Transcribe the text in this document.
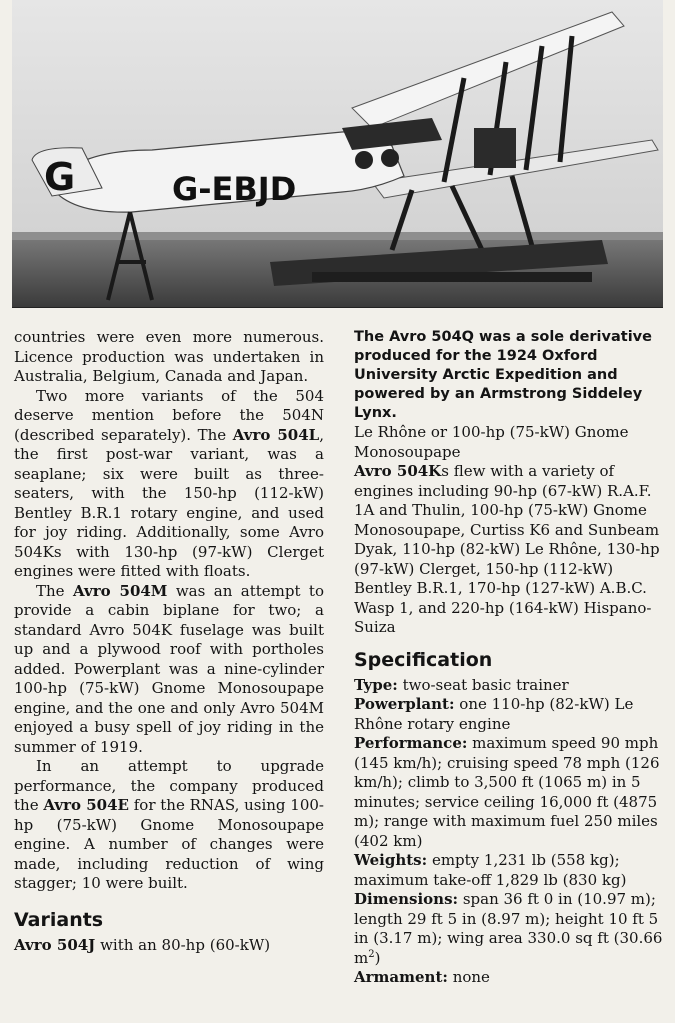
G	G-EBJD

countries were even more numerous. Licence production was undertaken in Australia, Belgium, Canada and Japan.

Two more variants of the 504 deserve mention before the 504N (described separately). The Avro 504L, the first post-war variant, was a seaplane; six were built as three-seaters, with the 150-hp (112-kW) Bentley B.R.1 rotary engine, and used for joy riding. Additionally, some Avro 504Ks with 130-hp (97-kW) Clerget engines were fitted with floats.

The Avro 504M was an attempt to provide a cabin biplane for two; a standard Avro 504K fuselage was built up and a plywood roof with portholes added. Powerplant was a nine-cylinder 100-hp (75-kW) Gnome Monosoupape engine, and the one and only Avro 504M enjoyed a busy spell of joy riding in the summer of 1919.

In an attempt to upgrade performance, the company produced the Avro 504E for the RNAS, using 100-hp (75-kW) Gnome Monosoupape engine. A number of changes were made, including reduction of wing stagger; 10 were built.

Variants

Avro 504J with an 80-hp (60-kW)

The Avro 504Q was a sole derivative produced for the 1924 Oxford University Arctic Expedition and powered by an Armstrong Siddeley Lynx.

Le Rhône or 100-hp (75-kW) Gnome Monosoupape

Avro 504Ks flew with a variety of engines including 90-hp (67-kW) R.A.F. 1A and Thulin, 100-hp (75-kW) Gnome Monosoupape, Curtiss K6 and Sunbeam Dyak, 110-hp (82-kW) Le Rhône, 130-hp (97-kW) Clerget, 150-hp (112-kW) Bentley B.R.1, 170-hp (127-kW) A.B.C. Wasp 1, and 220-hp (164-kW) Hispano-Suiza

Specification

Type: two-seat basic trainer

Powerplant: one 110-hp (82-kW) Le Rhône rotary engine

Performance: maximum speed 90 mph (145 km/h); cruising speed 78 mph (126 km/h); climb to 3,500 ft (1065 m) in 5 minutes; service ceiling 16,000 ft (4875 m); range with maximum fuel 250 miles (402 km)

Weights: empty 1,231 lb (558 kg); maximum take-off 1,829 lb (830 kg)

Dimensions: span 36 ft 0 in (10.97 m); length 29 ft 5 in (8.97 m); height 10 ft 5 in (3.17 m); wing area 330.0 sq ft (30.66 $m^2$)

Armament: none
